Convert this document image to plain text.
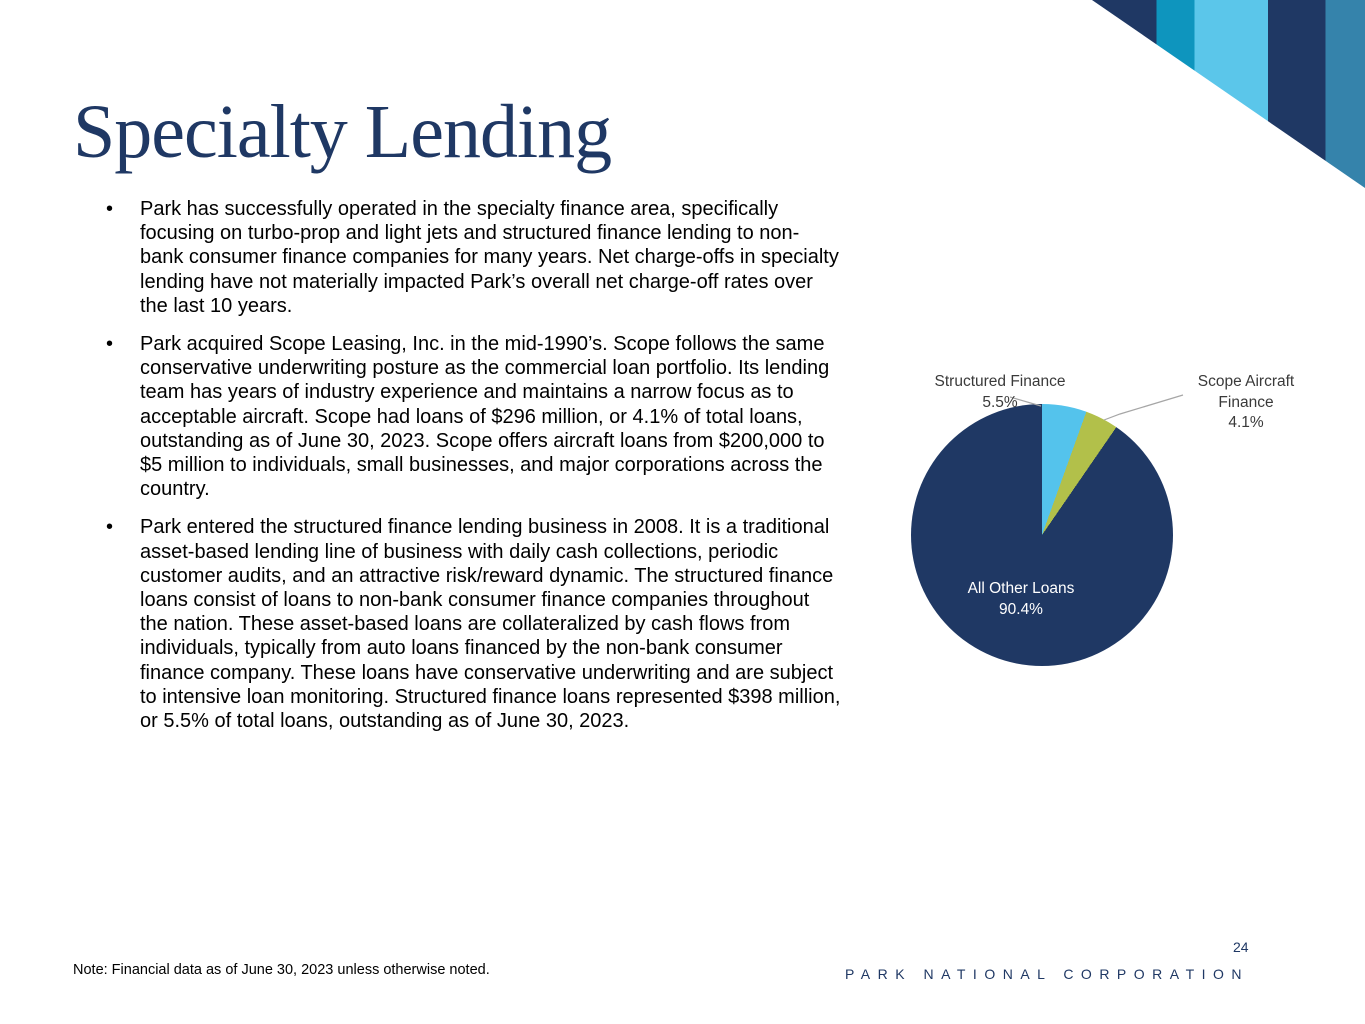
Specialty Lending
•
Park has successfully operated in the specialty finance area, specifically focusing on turbo-prop and light jets and structured finance lending to non-bank consumer finance companies for many years. Net charge-offs in specialty lending have not materially impacted Park’s overall net charge-off rates over the last 10 years.
•
Park acquired Scope Leasing, Inc. in the mid-1990’s. Scope follows the same conservative underwriting posture as the commercial loan portfolio. Its lending team has years of industry experience and maintains a narrow focus as to acceptable aircraft. Scope had loans of $296 million, or 4.1% of total loans, outstanding as of June 30, 2023. Scope offers aircraft loans from $200,000 to $5 million to individuals, small businesses, and major corporations across the country.
•
Park entered the structured finance lending business in 2008. It is a traditional asset-based lending line of business with daily cash collections, periodic customer audits, and an attractive risk/reward dynamic. The structured finance loans consist of loans to non-bank consumer finance companies throughout the nation. These asset-based loans are collateralized by cash flows from individuals, typically from auto loans financed by the non-bank consumer finance company. These loans have conservative underwriting and are subject to intensive loan monitoring. Structured finance loans represented $398 million, or 5.5% of total loans, outstanding as of June 30, 2023.
Structured Finance
5.5%
Scope Aircraft
Finance
4.1%
All Other Loans
90.4%
Note: Financial data as of June 30, 2023 unless otherwise noted.
24
PARK NATIONAL CORPORATION
